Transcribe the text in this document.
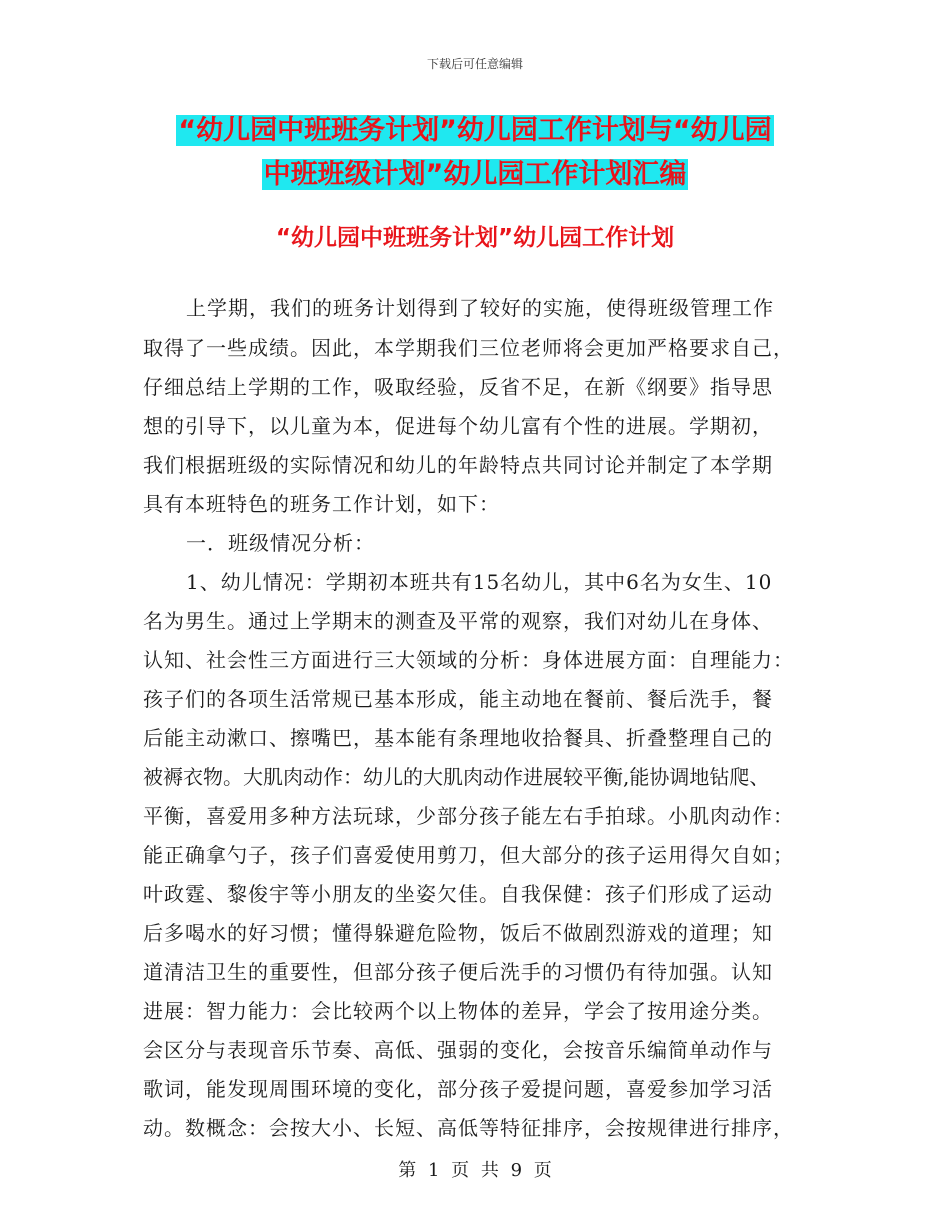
下载后可任意编辑
“幼儿园中班班务计划”幼儿园工作计划与“幼儿园
中班班级计划”幼儿园工作计划汇编
“幼儿园中班班务计划”幼儿园工作计划
上学期，我们的班务计划得到了较好的实施，使得班级管理工作
取得了一些成绩。因此，本学期我们三位老师将会更加严格要求自己，
仔细总结上学期的工作，吸取经验，反省不足，在新《纲要》指导思
想的引导下，以儿童为本，促进每个幼儿富有个性的进展。学期初，
我们根据班级的实际情况和幼儿的年龄特点共同讨论并制定了本学期
具有本班特色的班务工作计划，如下：
一．班级情况分析：
1、幼儿情况：学期初本班共有15名幼儿，其中6名为女生、10
名为男生。通过上学期末的测查及平常的观察，我们对幼儿在身体、
认知、社会性三方面进行三大领域的分析：身体进展方面：自理能力：
孩子们的各项生活常规已基本形成，能主动地在餐前、餐后洗手，餐
后能主动漱口、擦嘴巴，基本能有条理地收拾餐具、折叠整理自己的
被褥衣物。大肌肉动作：幼儿的大肌肉动作进展较平衡,能协调地钻爬、
平衡，喜爱用多种方法玩球，少部分孩子能左右手拍球。小肌肉动作：
能正确拿勺子，孩子们喜爱使用剪刀，但大部分的孩子运用得欠自如；
叶政霆、黎俊宇等小朋友的坐姿欠佳。自我保健：孩子们形成了运动
后多喝水的好习惯；懂得躲避危险物，饭后不做剧烈游戏的道理；知
道清洁卫生的重要性，但部分孩子便后洗手的习惯仍有待加强。认知
进展：智力能力：会比较两个以上物体的差异，学会了按用途分类。
会区分与表现音乐节奏、高低、强弱的变化，会按音乐编简单动作与
歌词，能发现周围环境的变化，部分孩子爱提问题，喜爱参加学习活
动。数概念：会按大小、长短、高低等特征排序，会按规律进行排序，
第 1 页 共 9 页
